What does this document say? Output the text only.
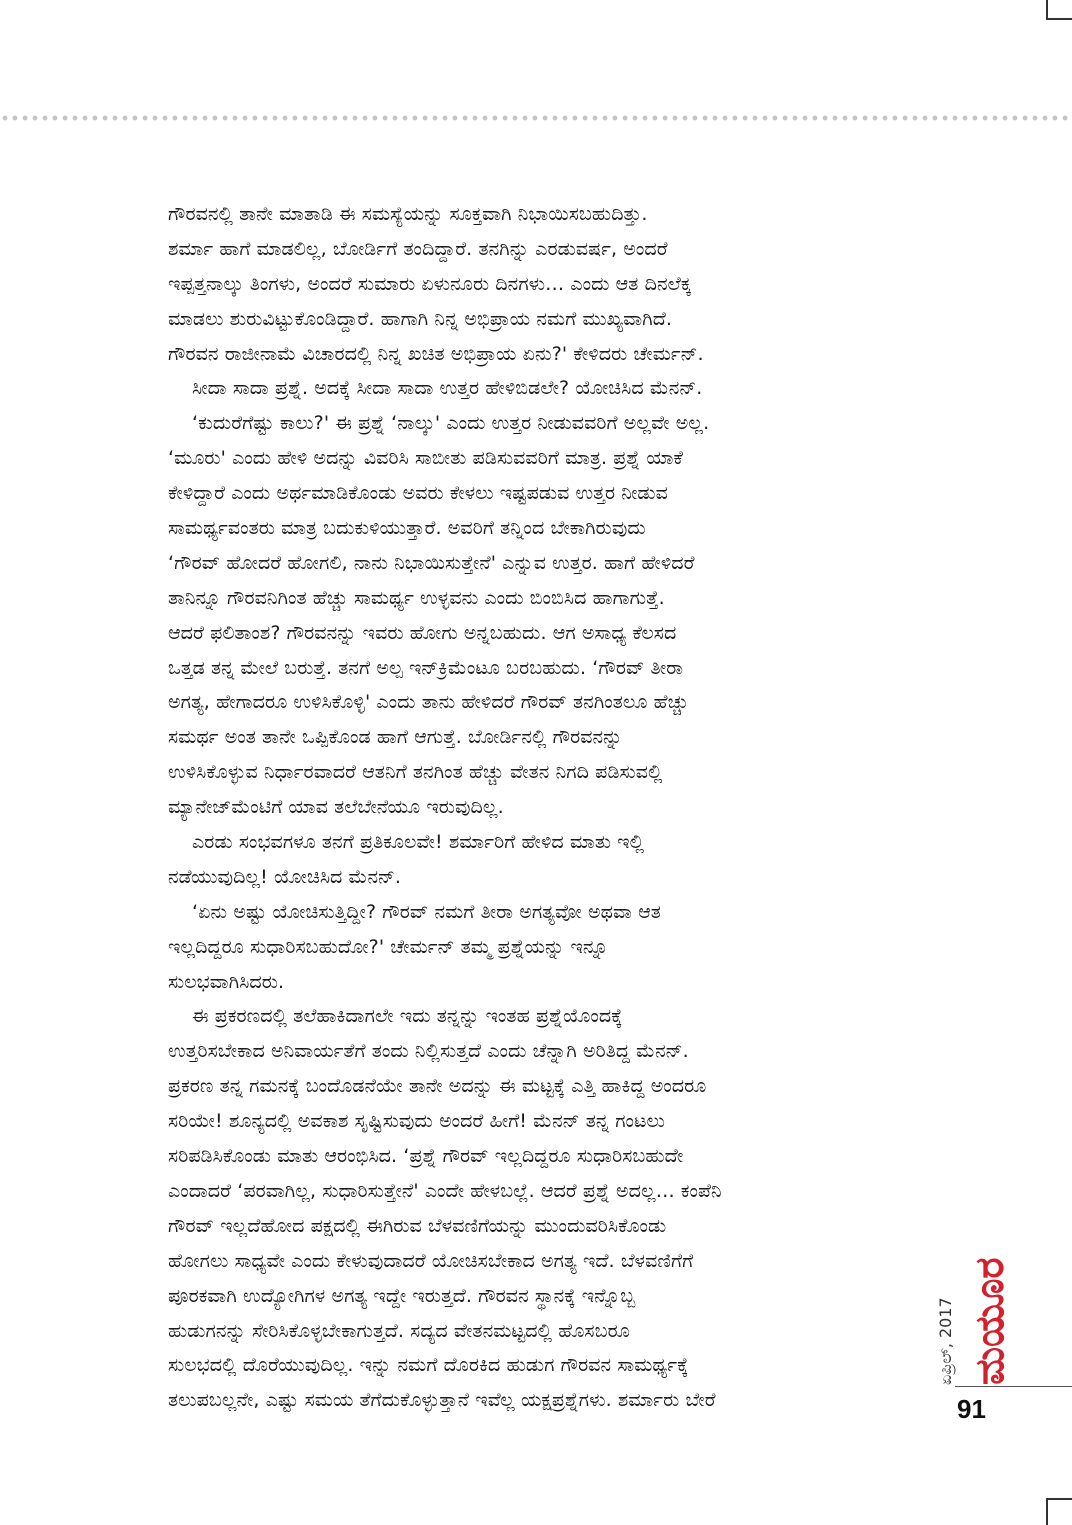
ಗೌರವನಲ್ಲಿ ತಾನೇ ಮಾತಾಡಿ ಈ ಸಮಸ್ಯೆಯನ್ನು ಸೂಕ್ತವಾಗಿ ನಿಭಾಯಿಸಬಹುದಿತ್ತು.
ಶರ್ಮಾ ಹಾಗೆ ಮಾಡಲಿಲ್ಲ, ಬೋರ್ಡಿಗೆ ತಂದಿದ್ದಾರೆ. ತನಗಿನ್ನು ಎರಡುವರ್ಷ, ಅಂದರೆ
ಇಪ್ಪತ್ತನಾಲ್ಕು ತಿಂಗಳು, ಅಂದರೆ ಸುಮಾರು ಏಳುನೂರು ದಿನಗಳು… ಎಂದು ಆತ ದಿನಲೆಕ್ಕ
ಮಾಡಲು ಶುರುವಿಟ್ಟುಕೊಂಡಿದ್ದಾರೆ. ಹಾಗಾಗಿ ನಿನ್ನ ಅಭಿಪ್ರಾಯ ನಮಗೆ ಮುಖ್ಯವಾಗಿದೆ.
ಗೌರವನ ರಾಜೀನಾಮೆ ವಿಚಾರದಲ್ಲಿ ನಿನ್ನ ಖಚಿತ ಅಭಿಪ್ರಾಯ ಏನು?' ಕೇಳಿದರು ಚೇರ್ಮನ್.
ಸೀದಾ ಸಾದಾ ಪ್ರಶ್ನೆ. ಅದಕ್ಕೆ ಸೀದಾ ಸಾದಾ ಉತ್ತರ ಹೇಳಿಬಿಡಲೇ? ಯೋಚಿಸಿದ ಮೆನನ್.
‘ಕುದುರೆಗೆಷ್ಟು ಕಾಲು?' ಈ ಪ್ರಶ್ನೆ ‘ನಾಲ್ಕು' ಎಂದು ಉತ್ತರ ನೀಡುವವರಿಗೆ ಅಲ್ಲವೇ ಅಲ್ಲ.
‘ಮೂರು' ಎಂದು ಹೇಳಿ ಅದನ್ನು ವಿವರಿಸಿ ಸಾಬೀತು ಪಡಿಸುವವರಿಗೆ ಮಾತ್ರ. ಪ್ರಶ್ನೆ ಯಾಕೆ
ಕೇಳಿದ್ದಾರೆ ಎಂದು ಅರ್ಥಮಾಡಿಕೊಂಡು ಅವರು ಕೇಳಲು ಇಷ್ಟಪಡುವ ಉತ್ತರ ನೀಡುವ
ಸಾಮರ್ಥ್ಯವಂತರು ಮಾತ್ರ ಬದುಕುಳಿಯುತ್ತಾರೆ. ಅವರಿಗೆ ತನ್ನಿಂದ ಬೇಕಾಗಿರುವುದು
‘ಗೌರವ್ ಹೋದರೆ ಹೋಗಲಿ, ನಾನು ನಿಭಾಯಿಸುತ್ತೇನೆ' ಎನ್ನುವ ಉತ್ತರ. ಹಾಗೆ ಹೇಳಿದರೆ
ತಾನಿನ್ನೂ ಗೌರವನಿಗಿಂತ ಹೆಚ್ಚು ಸಾಮರ್ಥ್ಯ ಉಳ್ಳವನು ಎಂದು ಬಿಂಬಿಸಿದ ಹಾಗಾಗುತ್ತೆ.
ಆದರೆ ಫಲಿತಾಂಶ? ಗೌರವನನ್ನು ಇವರು ಹೋಗು ಅನ್ನಬಹುದು. ಆಗ ಅಸಾಧ್ಯ ಕೆಲಸದ
ಒತ್ತಡ ತನ್ನ ಮೇಲೆ ಬರುತ್ತೆ. ತನಗೆ ಅಲ್ಪ ಇನ್‌ಕ್ರಿಮೆಂಟೂ ಬರಬಹುದು. ‘ಗೌರವ್ ತೀರಾ
ಅಗತ್ಯ, ಹೇಗಾದರೂ ಉಳಿಸಿಕೊಳ್ಳಿ' ಎಂದು ತಾನು ಹೇಳಿದರೆ ಗೌರವ್ ತನಗಿಂತಲೂ ಹೆಚ್ಚು
ಸಮರ್ಥ ಅಂತ ತಾನೇ ಒಪ್ಪಿಕೊಂಡ ಹಾಗೆ ಆಗುತ್ತೆ. ಬೋರ್ಡಿನಲ್ಲಿ ಗೌರವನನ್ನು
ಉಳಿಸಿಕೊಳ್ಳುವ ನಿರ್ಧಾರವಾದರೆ ಆತನಿಗೆ ತನಗಿಂತ ಹೆಚ್ಚು ವೇತನ ನಿಗದಿ ಪಡಿಸುವಲ್ಲಿ
ಮ್ಯಾನೇಜ್‌ಮೆಂಟಿಗೆ ಯಾವ ತಲೆಬೇನೆಯೂ ಇರುವುದಿಲ್ಲ.
ಎರಡು ಸಂಭವಗಳೂ ತನಗೆ ಪ್ರತಿಕೂಲವೇ! ಶರ್ಮಾರಿಗೆ ಹೇಳಿದ ಮಾತು ಇಲ್ಲಿ
ನಡೆಯುವುದಿಲ್ಲ! ಯೋಚಿಸಿದ ಮೆನನ್.
‘ಏನು ಅಷ್ಟು ಯೋಚಿಸುತ್ತಿದ್ದೀ? ಗೌರವ್ ನಮಗೆ ತೀರಾ ಅಗತ್ಯವೋ ಅಥವಾ ಆತ
ಇಲ್ಲದಿದ್ದರೂ ಸುಧಾರಿಸಬಹುದೋ?' ಚೇರ್ಮನ್ ತಮ್ಮ ಪ್ರಶ್ನೆಯನ್ನು ಇನ್ನೂ
ಸುಲಭವಾಗಿಸಿದರು.
ಈ ಪ್ರಕರಣದಲ್ಲಿ ತಲೆಹಾಕಿದಾಗಲೇ ಇದು ತನ್ನನ್ನು ಇಂತಹ ಪ್ರಶ್ನೆಯೊಂದಕ್ಕೆ
ಉತ್ತರಿಸಬೇಕಾದ ಅನಿವಾರ್ಯತೆಗೆ ತಂದು ನಿಲ್ಲಿಸುತ್ತದೆ ಎಂದು ಚೆನ್ನಾಗಿ ಅರಿತಿದ್ದ ಮೆನನ್.
ಪ್ರಕರಣ ತನ್ನ ಗಮನಕ್ಕೆ ಬಂದೊಡನೆಯೇ ತಾನೇ ಅದನ್ನು ಈ ಮಟ್ಟಕ್ಕೆ ಎತ್ತಿ ಹಾಕಿದ್ದ ಅಂದರೂ
ಸರಿಯೇ! ಶೂನ್ಯದಲ್ಲಿ ಅವಕಾಶ ಸೃಷ್ಟಿಸುವುದು ಅಂದರೆ ಹೀಗೆ! ಮೆನನ್ ತನ್ನ ಗಂಟಲು
ಸರಿಪಡಿಸಿಕೊಂಡು ಮಾತು ಆರಂಭಿಸಿದ. ‘ಪ್ರಶ್ನೆ ಗೌರವ್ ಇಲ್ಲದಿದ್ದರೂ ಸುಧಾರಿಸಬಹುದೇ
ಎಂದಾದರೆ ‘ಪರವಾಗಿಲ್ಲ, ಸುಧಾರಿಸುತ್ತೇನೆ' ಎಂದೇ ಹೇಳಬಲ್ಲೆ. ಆದರೆ ಪ್ರಶ್ನೆ ಅದಲ್ಲ… ಕಂಪೆನಿ
ಗೌರವ್ ಇಲ್ಲದೆಹೋದ ಪಕ್ಷದಲ್ಲಿ ಈಗಿರುವ ಬೆಳವಣಿಗೆಯನ್ನು ಮುಂದುವರಿಸಿಕೊಂಡು
ಹೋಗಲು ಸಾಧ್ಯವೇ ಎಂದು ಕೇಳುವುದಾದರೆ ಯೋಚಿಸಬೇಕಾದ ಅಗತ್ಯ ಇದೆ. ಬೆಳವಣಿಗೆಗೆ
ಪೂರಕವಾಗಿ ಉದ್ಯೋಗಿಗಳ ಅಗತ್ಯ ಇದ್ದೇ ಇರುತ್ತದೆ. ಗೌರವನ ಸ್ಥಾನಕ್ಕೆ ಇನ್ನೊಬ್ಬ
ಹುಡುಗನನ್ನು ಸೇರಿಸಿಕೊಳ್ಳಬೇಕಾಗುತ್ತದೆ. ಸದ್ಯದ ವೇತನಮಟ್ಟದಲ್ಲಿ ಹೊಸಬರೂ
ಸುಲಭದಲ್ಲಿ ದೊರೆಯುವುದಿಲ್ಲ. ಇನ್ನು ನಮಗೆ ದೊರಕಿದ ಹುಡುಗ ಗೌರವನ ಸಾಮರ್ಥ್ಯಕ್ಕೆ
ತಲುಪಬಲ್ಲನೇ, ಎಷ್ಟು ಸಮಯ ತೆಗೆದುಕೊಳ್ಳುತ್ತಾನೆ ಇವೆಲ್ಲ ಯಕ್ಷಪ್ರಶ್ನೆಗಳು. ಶರ್ಮಾರು ಬೇರೆ
ಮಯೂರ
ಏಪ್ರಿಲ್, 2017
91
